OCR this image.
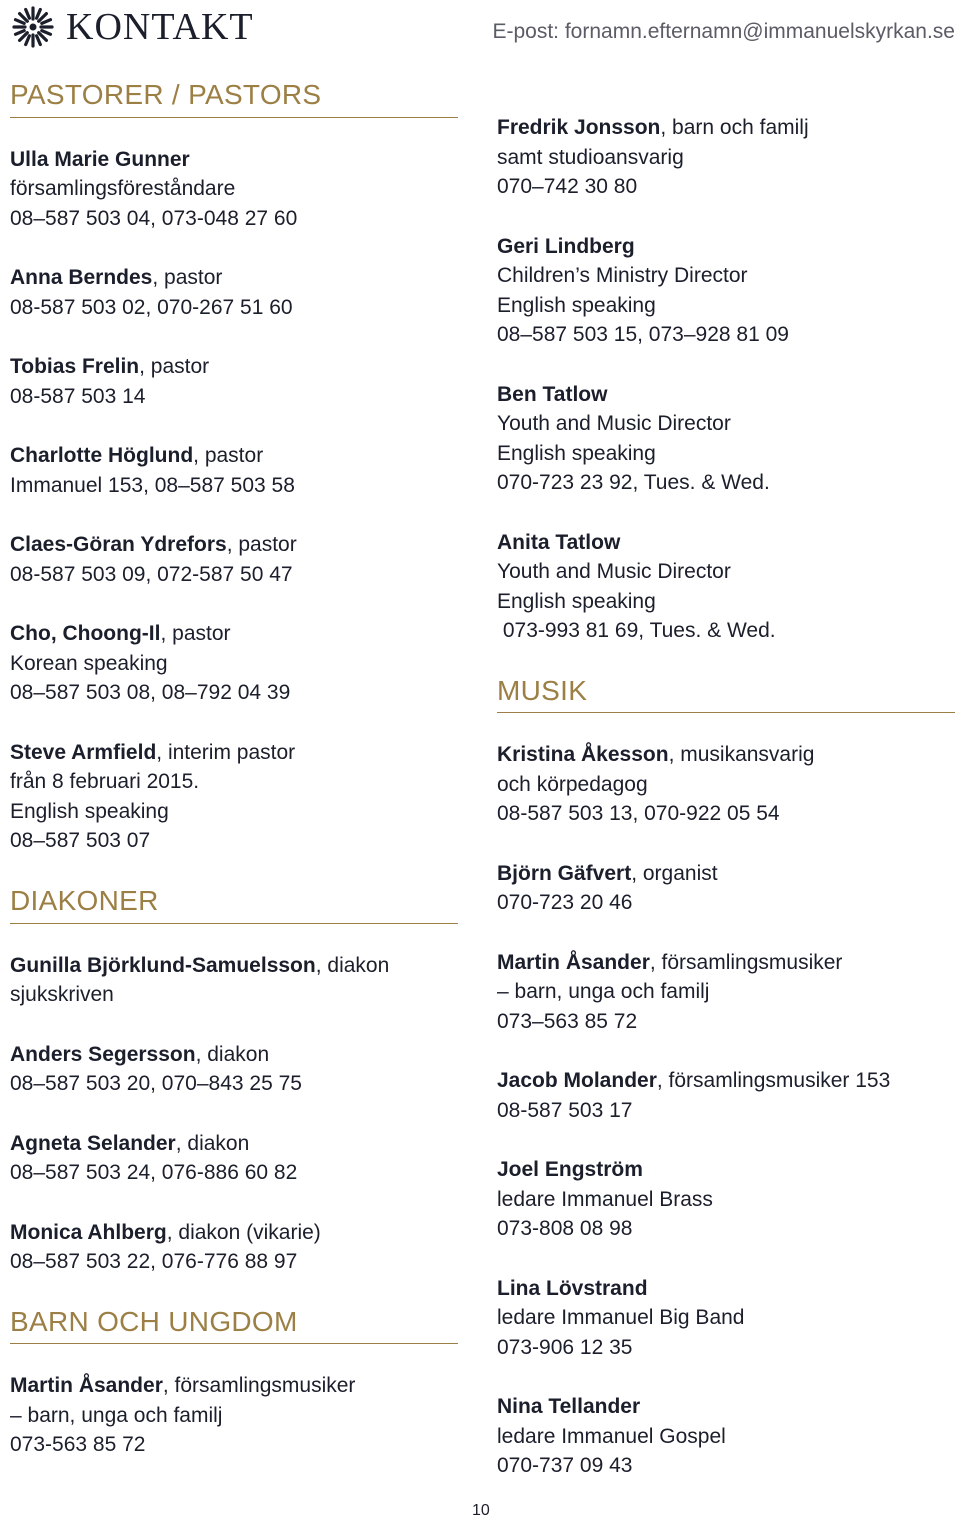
KONTAKT	E-post: fornamn.efternamn@immanuelskyrkan.se
PASTORER / PASTORS
Ulla Marie Gunner
församlingsföreståndare
08–587 503 04, 073-048 27 60
Anna Berndes, pastor
08-587 503 02, 070-267 51 60
Tobias Frelin, pastor
08-587 503 14
Charlotte Höglund, pastor
Immanuel 153, 08–587 503 58
Claes-Göran Ydrefors, pastor
08-587 503 09, 072-587 50 47
Cho, Choong-Il, pastor
Korean speaking
08–587 503 08, 08–792 04 39
Steve Armfield, interim pastor
från 8 februari 2015.
English speaking
08–587 503 07
DIAKONER
Gunilla Björklund-Samuelsson, diakon
sjukskriven
Anders Segersson, diakon
08–587 503 20, 070–843 25 75
Agneta Selander, diakon
08–587 503 24, 076-886 60 82
Monica Ahlberg, diakon (vikarie)
08–587 503 22, 076-776 88 97
BARN OCH UNGDOM
Martin Åsander, församlingsmusiker
– barn, unga och familj
073-563 85 72
Fredrik Jonsson, barn och familj
samt studioansvarig
070–742 30 80
Geri Lindberg
Children’s Ministry Director
English speaking
08–587 503 15, 073–928 81 09
Ben Tatlow
Youth and Music Director
English speaking
070-723 23 92, Tues. & Wed.
Anita Tatlow
Youth and Music Director
English speaking
073-993 81 69, Tues. & Wed.
MUSIK
Kristina Åkesson, musikansvarig
och körpedagog
08-587 503 13, 070-922 05 54
Björn Gäfvert, organist
070-723 20 46
Martin Åsander, församlingsmusiker
– barn, unga och familj
073–563 85 72
Jacob Molander, församlingsmusiker 153
08-587 503 17
Joel Engström
ledare Immanuel Brass
073-808 08 98
Lina Lövstrand
ledare Immanuel Big Band
073-906 12 35
Nina Tellander
ledare Immanuel Gospel
070-737 09 43
10
